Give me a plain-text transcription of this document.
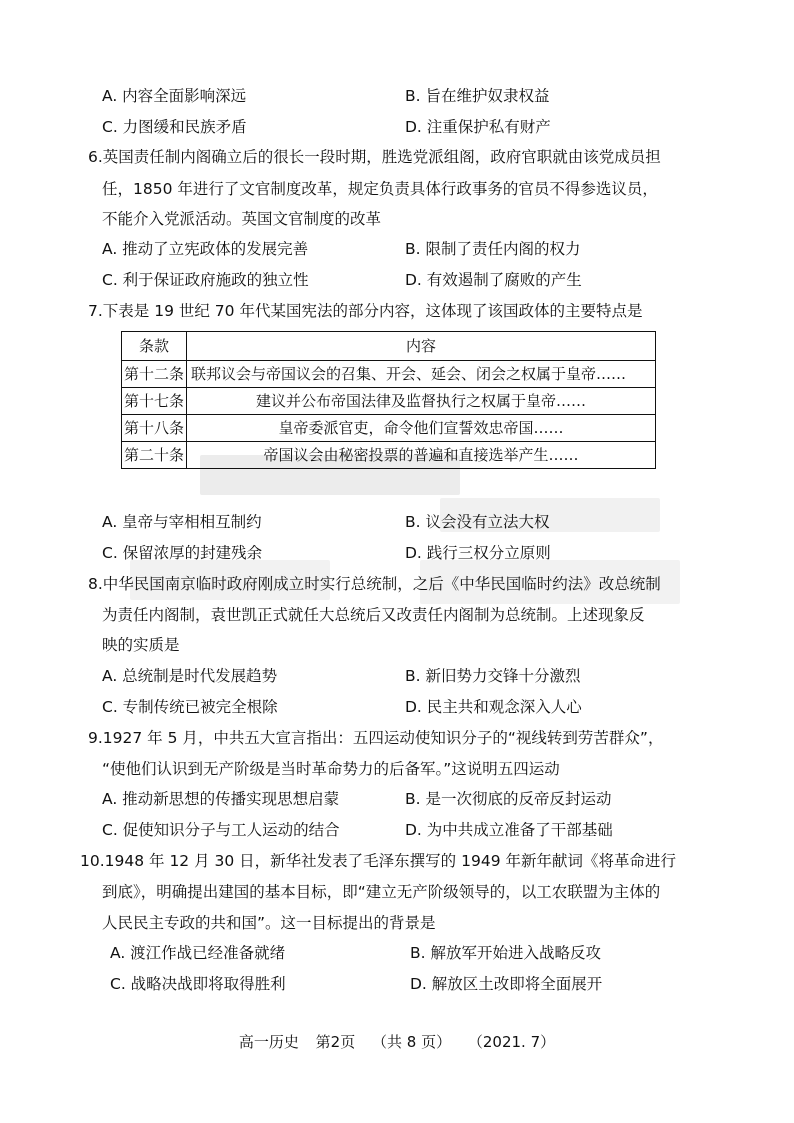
A. 内容全面影响深远	B. 旨在维护奴隶权益
C. 力图缓和民族矛盾	D. 注重保护私有财产
6.英国责任制内阁确立后的很长一段时期，胜选党派组阁，政府官职就由该党成员担
任，1850 年进行了文官制度改革，规定负责具体行政事务的官员不得参选议员，
不能介入党派活动。英国文官制度的改革
A. 推动了立宪政体的发展完善	B. 限制了责任内阁的权力
C. 利于保证政府施政的独立性	D. 有效遏制了腐败的产生
7.下表是 19 世纪 70 年代某国宪法的部分内容，这体现了该国政体的主要特点是
条款	内容
第十二条	联邦议会与帝国议会的召集、开会、延会、闭会之权属于皇帝……
第十七条	建议并公布帝国法律及监督执行之权属于皇帝……
第十八条	皇帝委派官吏，命令他们宣誓效忠帝国……
第二十条	帝国议会由秘密投票的普遍和直接选举产生……
A. 皇帝与宰相相互制约	B. 议会没有立法大权
C. 保留浓厚的封建残余	D. 践行三权分立原则
8.中华民国南京临时政府刚成立时实行总统制，之后《中华民国临时约法》改总统制
为责任内阁制，袁世凯正式就任大总统后又改责任内阁制为总统制。上述现象反
映的实质是
A. 总统制是时代发展趋势	B. 新旧势力交锋十分激烈
C. 专制传统已被完全根除	D. 民主共和观念深入人心
9.1927 年 5 月，中共五大宣言指出：五四运动使知识分子的“视线转到劳苦群众”，
“使他们认识到无产阶级是当时革命势力的后备军。”这说明五四运动
A. 推动新思想的传播实现思想启蒙	B. 是一次彻底的反帝反封运动
C. 促使知识分子与工人运动的结合	D. 为中共成立准备了干部基础
10.1948 年 12 月 30 日，新华社发表了毛泽东撰写的 1949 年新年献词《将革命进行
到底》，明确提出建国的基本目标，即“建立无产阶级领导的，以工农联盟为主体的
人民民主专政的共和国”。这一目标提出的背景是
A. 渡江作战已经准备就绪	B. 解放军开始进入战略反攻
C. 战略决战即将取得胜利	D. 解放区土改即将全面展开
高一历史 第2页 （共 8 页） （2021. 7）
